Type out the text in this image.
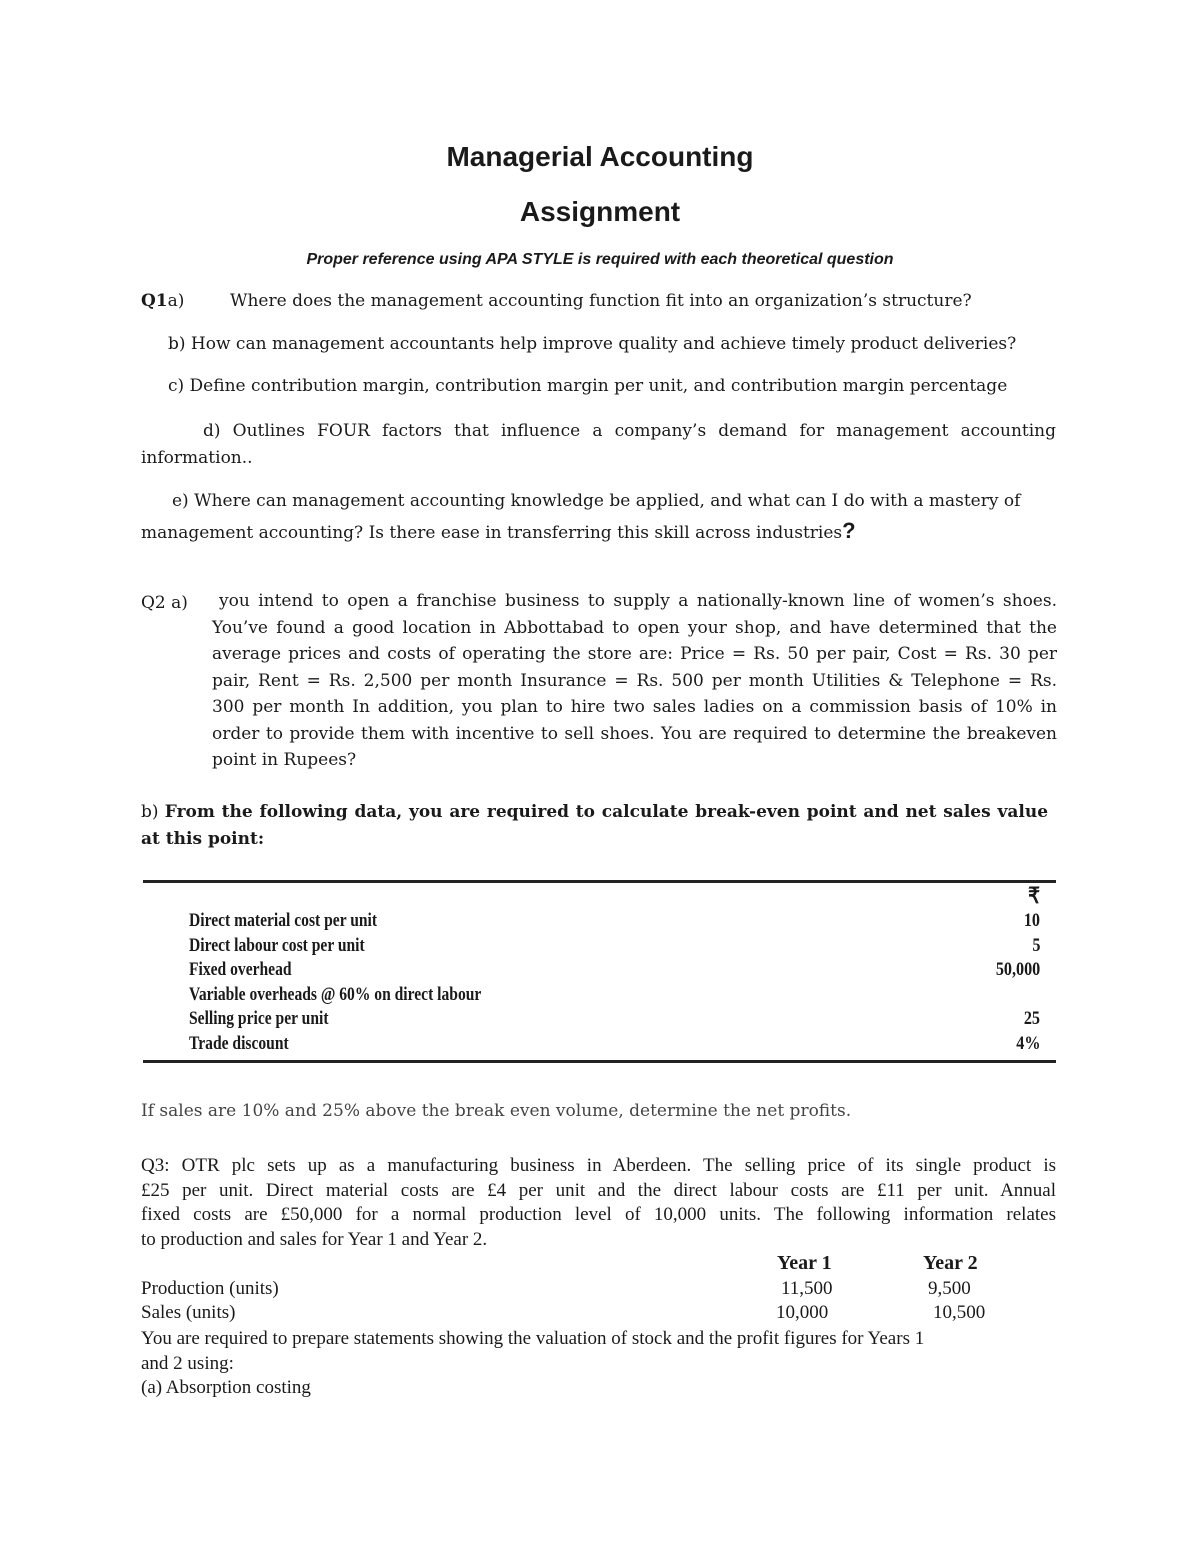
Managerial Accounting
Assignment
Proper reference using APA STYLE is required with each theoretical question
Q1a)	Where does the management accounting function fit into an organization’s structure?
b) How can management accountants help improve quality and achieve timely product deliveries?
c) Define contribution margin, contribution margin per unit, and contribution margin percentage
d) Outlines FOUR factors that influence a company’s demand for management accounting
information..
e) Where can management accounting knowledge be applied, and what can I do with a mastery of
management accounting? Is there ease in transferring this skill across industries?
Q2 a)	you intend to open a franchise business to supply a nationally-known line of women’s shoes.
You’ve found a good location in Abbottabad to open your shop, and have determined that the
average prices and costs of operating the store are: Price = Rs. 50 per pair, Cost = Rs. 30 per
pair, Rent = Rs. 2,500 per month Insurance = Rs. 500 per month Utilities & Telephone = Rs.
300 per month In addition, you plan to hire two sales ladies on a commission basis of 10% in
order to provide them with incentive to sell shoes. You are required to determine the breakeven
point in Rupees?
b) From the following data, you are required to calculate break-even point and net sales value
at this point:
₹
Direct material cost per unit	10
Direct labour cost per unit	5
Fixed overhead	50,000
Variable overheads @ 60% on direct labour
Selling price per unit	25
Trade discount	4%
If sales are 10% and 25% above the break even volume, determine the net profits.
Q3: OTR plc sets up as a manufacturing business in Aberdeen. The selling price of its single product is
£25 per unit. Direct material costs are £4 per unit and the direct labour costs are £11 per unit. Annual
fixed costs are £50,000 for a normal production level of 10,000 units. The following information relates
to production and sales for Year 1 and Year 2.
Year 1	Year 2
Production (units)	11,500	9,500
Sales (units)	10,000	10,500
You are required to prepare statements showing the valuation of stock and the profit figures for Years 1
and 2 using:
(a) Absorption costing
